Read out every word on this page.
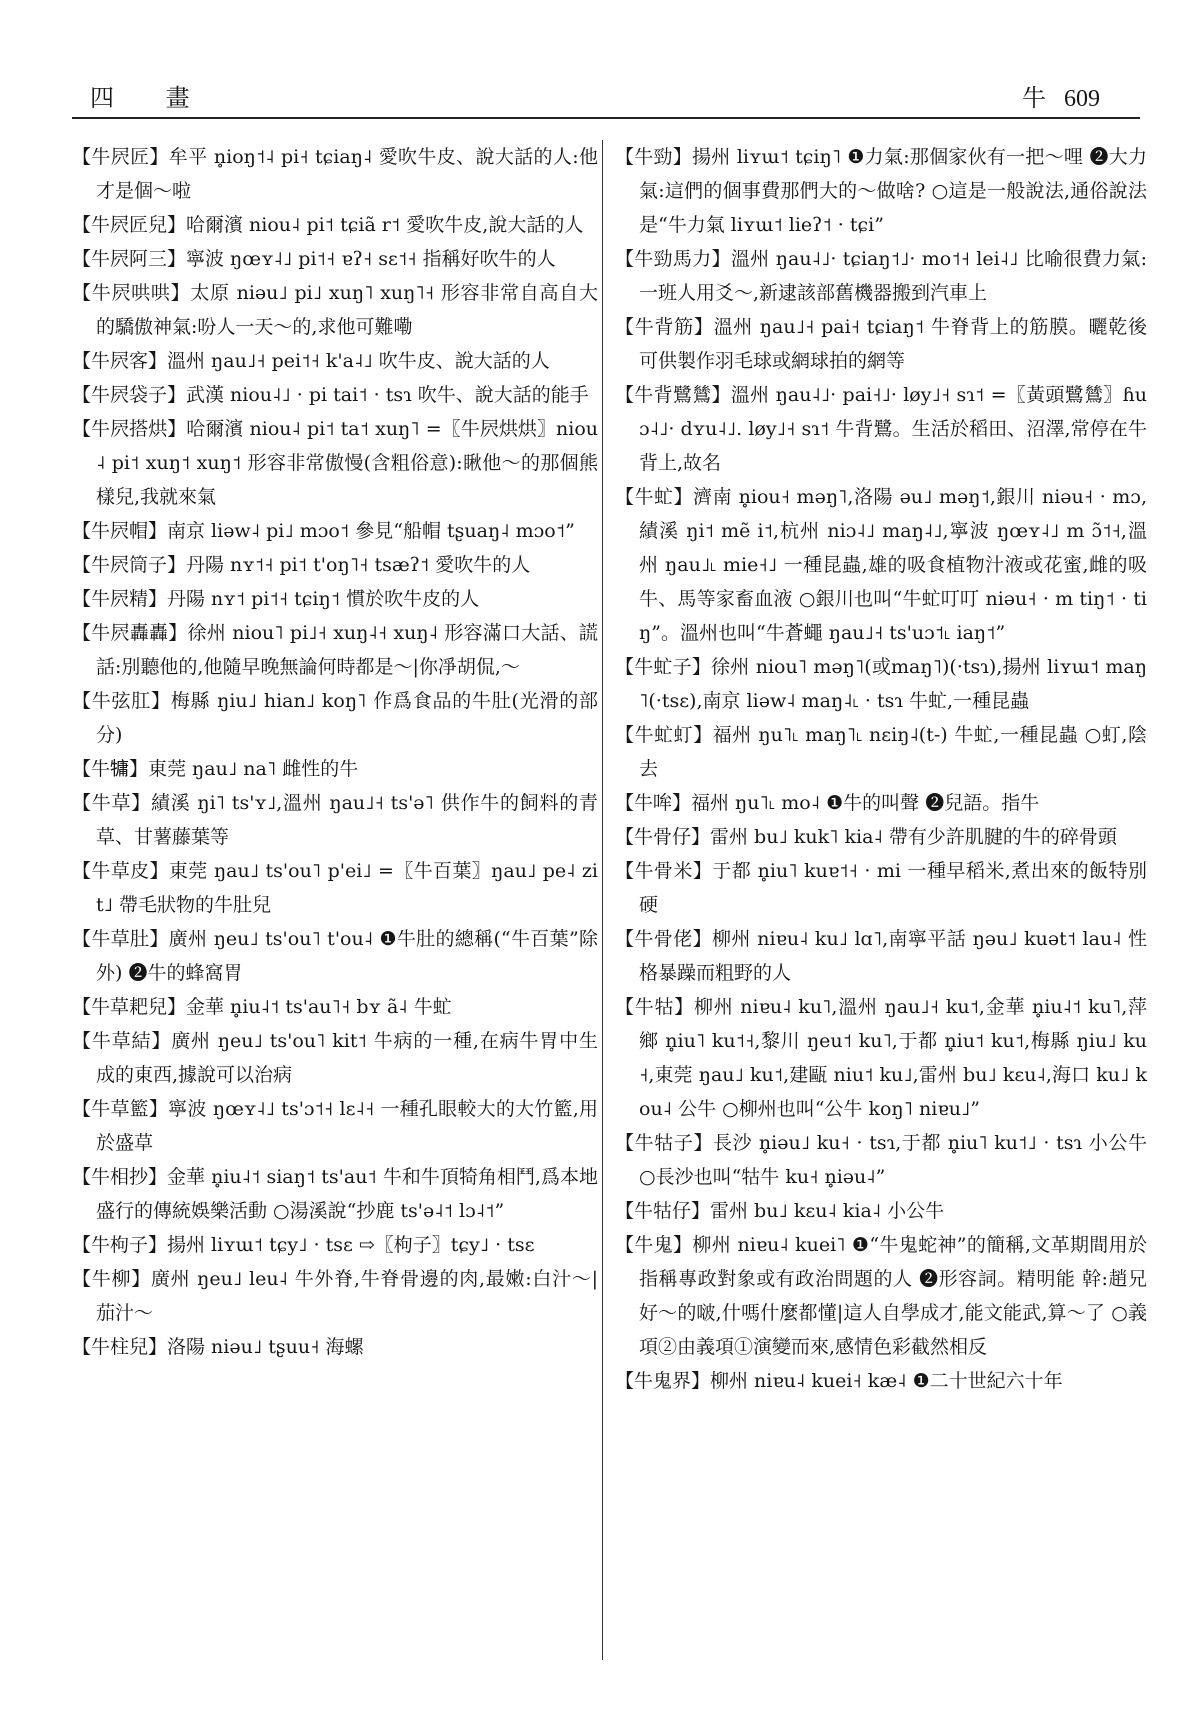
四 畫	牛 609

【牛屄匠】牟平 n̥ioŋ˦˨ pi˧ tɕiaŋ˨ 愛吹牛皮、說大話的人:他才是個～啦

【牛屄匠兒】哈爾濱 niou˨ pi˦ tɕiã r˦ 愛吹牛皮,說大話的人

【牛屄阿三】寧波 ŋœʏ˨˩ pi˦˧ ɐʔ˧ sɛ˦˧ 指稱好吹牛的人

【牛屄哄哄】太原 niəu˩ pi˩ xuŋ˥ xuŋ˥˧ 形容非常自高自大的驕傲神氣:吩人一天～的,求他可難嘞

【牛屄客】溫州 ŋau˩˧ pei˦˧ k'a˨˩ 吹牛皮、說大話的人

【牛屄袋子】武漢 niou˨˩ · pi tai˦ · tsɿ 吹牛、說大話的能手

【牛屄搭烘】哈爾濱 niou˨ pi˦ ta˦ xuŋ˥ =〖牛屄烘烘〗niou˨ pi˦ xuŋ˦ xuŋ˦ 形容非常傲慢(含粗俗意):瞅他～的那個熊樣兒,我就來氣

【牛屄帽】南京 liəw˨ pi˩ mɔo˦ 參見“船帽 tʂuaŋ˨ mɔo˦”

【牛屄筒子】丹陽 nʏ˦˧ pi˦ t'oŋ˥˧ tsæʔ˦ 愛吹牛的人

【牛屄精】丹陽 nʏ˦ pi˦˧ tɕiŋ˦ 慣於吹牛皮的人

【牛屄轟轟】徐州 niou˥ pi˩˧ xuŋ˨˧ xuŋ˨ 形容滿口大話、謊話:別聽他的,他隨早晚無論何時都是～|你凈胡侃,～

【牛弦肛】梅縣 ŋiu˩ hian˩ koŋ˥ 作爲食品的牛肚(光滑的部分)

【牛𤛑】東莞 ŋau˩ na˥ 雌性的牛

【牛草】績溪 ŋi˥ ts'ʏ˩,溫州 ŋau˩˧ ts'ə˥ 供作牛的飼料的青草、甘薯藤葉等

【牛草皮】東莞 ŋau˩ ts'ou˥ p'ei˩ =〖牛百葉〗ŋau˩ pe˨ zit˩ 帶毛狀物的牛肚兒

【牛草肚】廣州 ŋeu˩ ts'ou˥ t'ou˨ ❶牛肚的總稱(“牛百葉”除外) ❷牛的蜂窩胃

【牛草耙兒】金華 n̥iu˨˦ ts'au˥˧ bʏ ã˨ 牛虻

【牛草結】廣州 ŋeu˩ ts'ou˥ kit˦ 牛病的一種,在病牛胃中生成的東西,據說可以治病

【牛草籃】寧波 ŋœʏ˨˩ ts'ɔ˦˧ lɛ˨˧ 一種孔眼較大的大竹籃,用於盛草

【牛相抄】金華 n̥iu˨˦ siaŋ˦ ts'au˦ 牛和牛頂犄角相鬥,爲本地盛行的傳統娛樂活動 ○湯溪說“抄鹿 ts'ə˨˦ lɔ˨˦”

【牛枸子】揚州 liʏɯ˦ tɕy˩ · tsɛ ⇨〖枸子〗tɕy˩ · tsɛ

【牛柳】廣州 ŋeu˩ leu˨ 牛外脊,牛脊骨邊的肉,最嫩:白汁～|茄汁～

【牛柱兒】洛陽 niəu˩ tʂuu˧ 海螺

【牛勁】揚州 liʏɯ˦ tɕiŋ˥ ❶力氣:那個家伙有一把～哩 ❷大力氣:這們的個事費那們大的～做啥? ○這是一般說法,通俗說法是“牛力氣 liʏɯ˦ lieʔ˦ · tɕi”

【牛勁馬力】溫州 ŋau˨˩· tɕiaŋ˦˩· mo˦˧ lei˨˩ 比喻很費力氣:一班人用爻～,新逮該部舊機器搬到汽車上

【牛背筋】溫州 ŋau˩˧ pai˧ tɕiaŋ˦ 牛脊背上的筋膜。曬乾後可供製作羽毛球或網球拍的網等

【牛背鷺鷥】溫州 ŋau˨˩· pai˧˩· løy˩˧ sɿ˦ =〖黃頭鷺鷥〗ɦuɔ˨˩· dʏu˨˩. løy˩˧ sɿ˦ 牛背鷺。生活於稻田、沼澤,常停在牛背上,故名

【牛虻】濟南 n̥iou˧ məŋ˥,洛陽 əu˩ məŋ˦,銀川 niəu˧ · mɔ,績溪 ŋi˦ mẽ i˦,杭州 niɔ˨˩ maŋ˨˩,寧波 ŋœʏ˨˩ m ɔ̃˦˧,溫州 ŋau˩˪ mie˧˩ 一種昆蟲,雄的吸食植物汁液或花蜜,雌的吸牛、馬等家畜血液 ○銀川也叫“牛虻叮叮 niəu˧ · m tiŋ˦ · tiŋ”。溫州也叫“牛蒼蠅 ŋau˩˧ ts'uɔ˦˪ iaŋ˦”

【牛虻子】徐州 niou˥ məŋ˥(或maŋ˥)(·tsɿ),揚州 liʏɯ˦ maŋ˥(·tsɛ),南京 liəw˨ maŋ˨˪ · tsɿ 牛虻,一種昆蟲

【牛虻虰】福州 ŋu˥˪ maŋ˥˪ nɛiŋ˨(t-) 牛虻,一種昆蟲 ○虰,陰去

【牛哞】福州 ŋu˥˪ mo˨ ❶牛的叫聲 ❷兒語。指牛

【牛骨仔】雷州 bu˩ kuk˥ kia˨ 帶有少許肌腱的牛的碎骨頭

【牛骨米】于都 n̥iu˥ kuɐ˦˧ · mi 一種早稻米,煮出來的飯特別硬

【牛骨佬】柳州 niɐu˨ ku˩ lɑ˥,南寧平話 ŋəu˩ kuət˦ lau˨ 性格暴躁而粗野的人

【牛牯】柳州 niɐu˨ ku˥,溫州 ŋau˩˧ ku˦,金華 n̥iu˨˦ ku˥,萍鄉 n̥iu˥ ku˦˧,黎川 ŋeu˦ ku˥,于都 n̥iu˦ ku˦,梅縣 ŋiu˩ ku˧,東莞 ŋau˩ ku˦,建甌 niu˦ ku˩,雷州 bu˩ kɛu˨,海口 ku˩ kou˨ 公牛 ○柳州也叫“公牛 koŋ˥ niɐu˩”

【牛牯子】長沙 n̥iəu˩ ku˧ · tsɿ,于都 n̥iu˥ ku˦˩ · tsɿ 小公牛 ○長沙也叫“牯牛 ku˧ n̥iəu˨”

【牛牯仔】雷州 bu˩ kɛu˨ kia˨ 小公牛

【牛鬼】柳州 niɐu˨ kuei˥ ❶“牛鬼蛇神”的簡稱,文革期間用於指稱專政對象或有政治問題的人 ❷形容詞。精明能 幹:趙兄好～的啵,什嗎什麼都懂|這人自學成才,能文能武,算～了 ○義項②由義項①演變而來,感情色彩截然相反

【牛鬼界】柳州 niɐu˨ kuei˧ kæ˨ ❶二十世紀六十年
